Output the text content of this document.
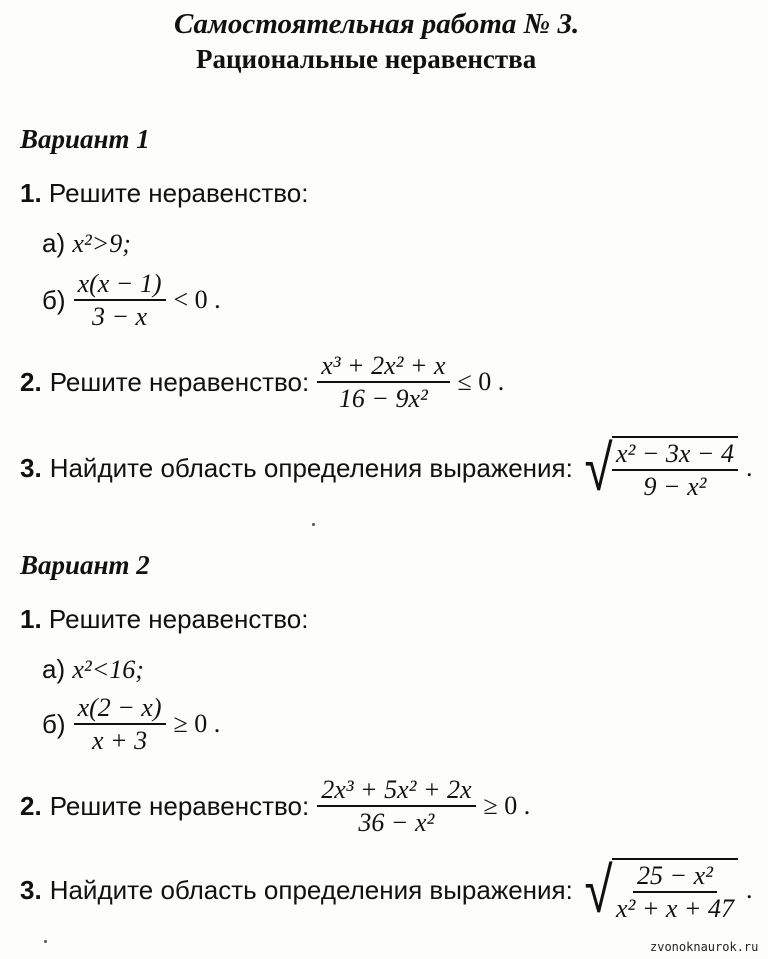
Самостоятельная работа № 3.
Рациональные неравенства
Вариант 1
1. Решите неравенство:
а) x²>9;
$б) \frac{x(x - 1)}{3 - x} < 0$ .
2. Решите неравенство: $\frac{\text{x³ + 2x² + x}}{\text{16 − 9x²}} \le 0$ .
3. Найдите область определения выражения: √ $\frac{\text{x² − 3x − 4}}{\text{9 − x²}}$ .
Вариант 2
1. Решите неравенство:
а) x²<16;
$б) \frac{x(2 - x)}{x + 3} \ge 0$ .
2. Решите неравенство: $\frac{\text{2x³ + 5x² + 2x}}{\text{36 − x²}} \ge 0$ .
3. Найдите область определения выражения: √ $\frac{\text{25 − x²}}{\text{x² + x + 47}}$ .
zvonoknaurok.ru
